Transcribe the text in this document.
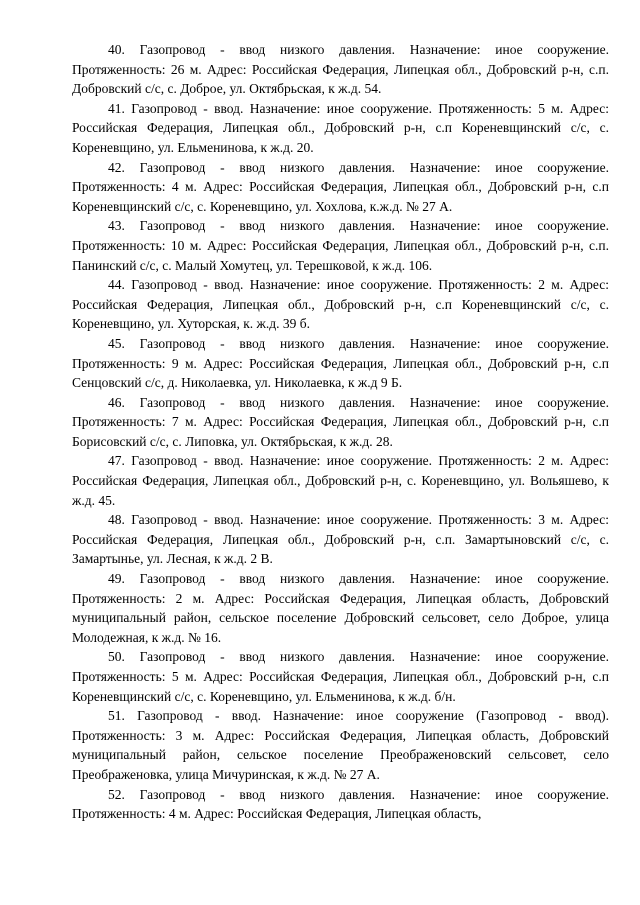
40. Газопровод - ввод низкого давления. Назначение: иное сооружение. Протяженность: 26 м. Адрес: Российская Федерация, Липецкая обл., Добровский р-н, с.п. Добровский с/с, с. Доброе, ул. Октябрьская, к ж.д. 54.

41. Газопровод - ввод. Назначение: иное сооружение. Протяженность: 5 м. Адрес: Российская Федерация, Липецкая обл., Добровский р-н, с.п Кореневщинский с/с, с. Кореневщино, ул. Ельменинова, к ж.д. 20.

42. Газопровод - ввод низкого давления. Назначение: иное сооружение. Протяженность: 4 м. Адрес: Российская Федерация, Липецкая обл., Добровский р-н, с.п Кореневщинский с/с, с. Кореневщино, ул. Хохлова, к.ж.д. № 27 А.

43. Газопровод - ввод низкого давления. Назначение: иное сооружение. Протяженность: 10 м. Адрес: Российская Федерация, Липецкая обл., Добровский р-н, с.п. Панинский с/с, с. Малый Хомутец, ул. Терешковой, к ж.д. 106.

44. Газопровод - ввод. Назначение: иное сооружение. Протяженность: 2 м. Адрес: Российская Федерация, Липецкая обл., Добровский р-н, с.п Кореневщинский с/с, с. Кореневщино, ул. Хуторская, к. ж.д. 39 б.

45. Газопровод - ввод низкого давления. Назначение: иное сооружение. Протяженность: 9 м. Адрес: Российская Федерация, Липецкая обл., Добровский р-н, с.п Сенцовский с/с, д. Николаевка, ул. Николаевка, к ж.д 9 Б.

46. Газопровод - ввод низкого давления. Назначение: иное сооружение. Протяженность: 7 м. Адрес: Российская Федерация, Липецкая обл., Добровский р-н, с.п Борисовский с/с, с. Липовка, ул. Октябрьская, к ж.д. 28.

47. Газопровод - ввод. Назначение: иное сооружение. Протяженность: 2 м. Адрес: Российская Федерация, Липецкая обл., Добровский р-н, с. Кореневщино, ул. Вольяшево, к ж.д. 45.

48. Газопровод - ввод. Назначение: иное сооружение. Протяженность: 3 м. Адрес: Российская Федерация, Липецкая обл., Добровский р-н, с.п. Замартыновский с/с, с. Замартынье, ул. Лесная, к ж.д. 2 В.

49. Газопровод - ввод низкого давления. Назначение: иное сооружение. Протяженность: 2 м. Адрес: Российская Федерация, Липецкая область, Добровский муниципальный район, сельское поселение Добровский сельсовет, село Доброе, улица Молодежная, к ж.д. № 16.

50. Газопровод - ввод низкого давления. Назначение: иное сооружение. Протяженность: 5 м. Адрес: Российская Федерация, Липецкая обл., Добровский р-н, с.п Кореневщинский с/с, с. Кореневщино, ул. Ельменинова, к ж.д. б/н.

51. Газопровод - ввод. Назначение: иное сооружение (Газопровод - ввод). Протяженность: 3 м. Адрес: Российская Федерация, Липецкая область, Добровский муниципальный район, сельское поселение Преображеновский сельсовет, село Преображеновка, улица Мичуринская, к ж.д. № 27 А.

52. Газопровод - ввод низкого давления. Назначение: иное сооружение. Протяженность: 4 м. Адрес: Российская Федерация, Липецкая область,
